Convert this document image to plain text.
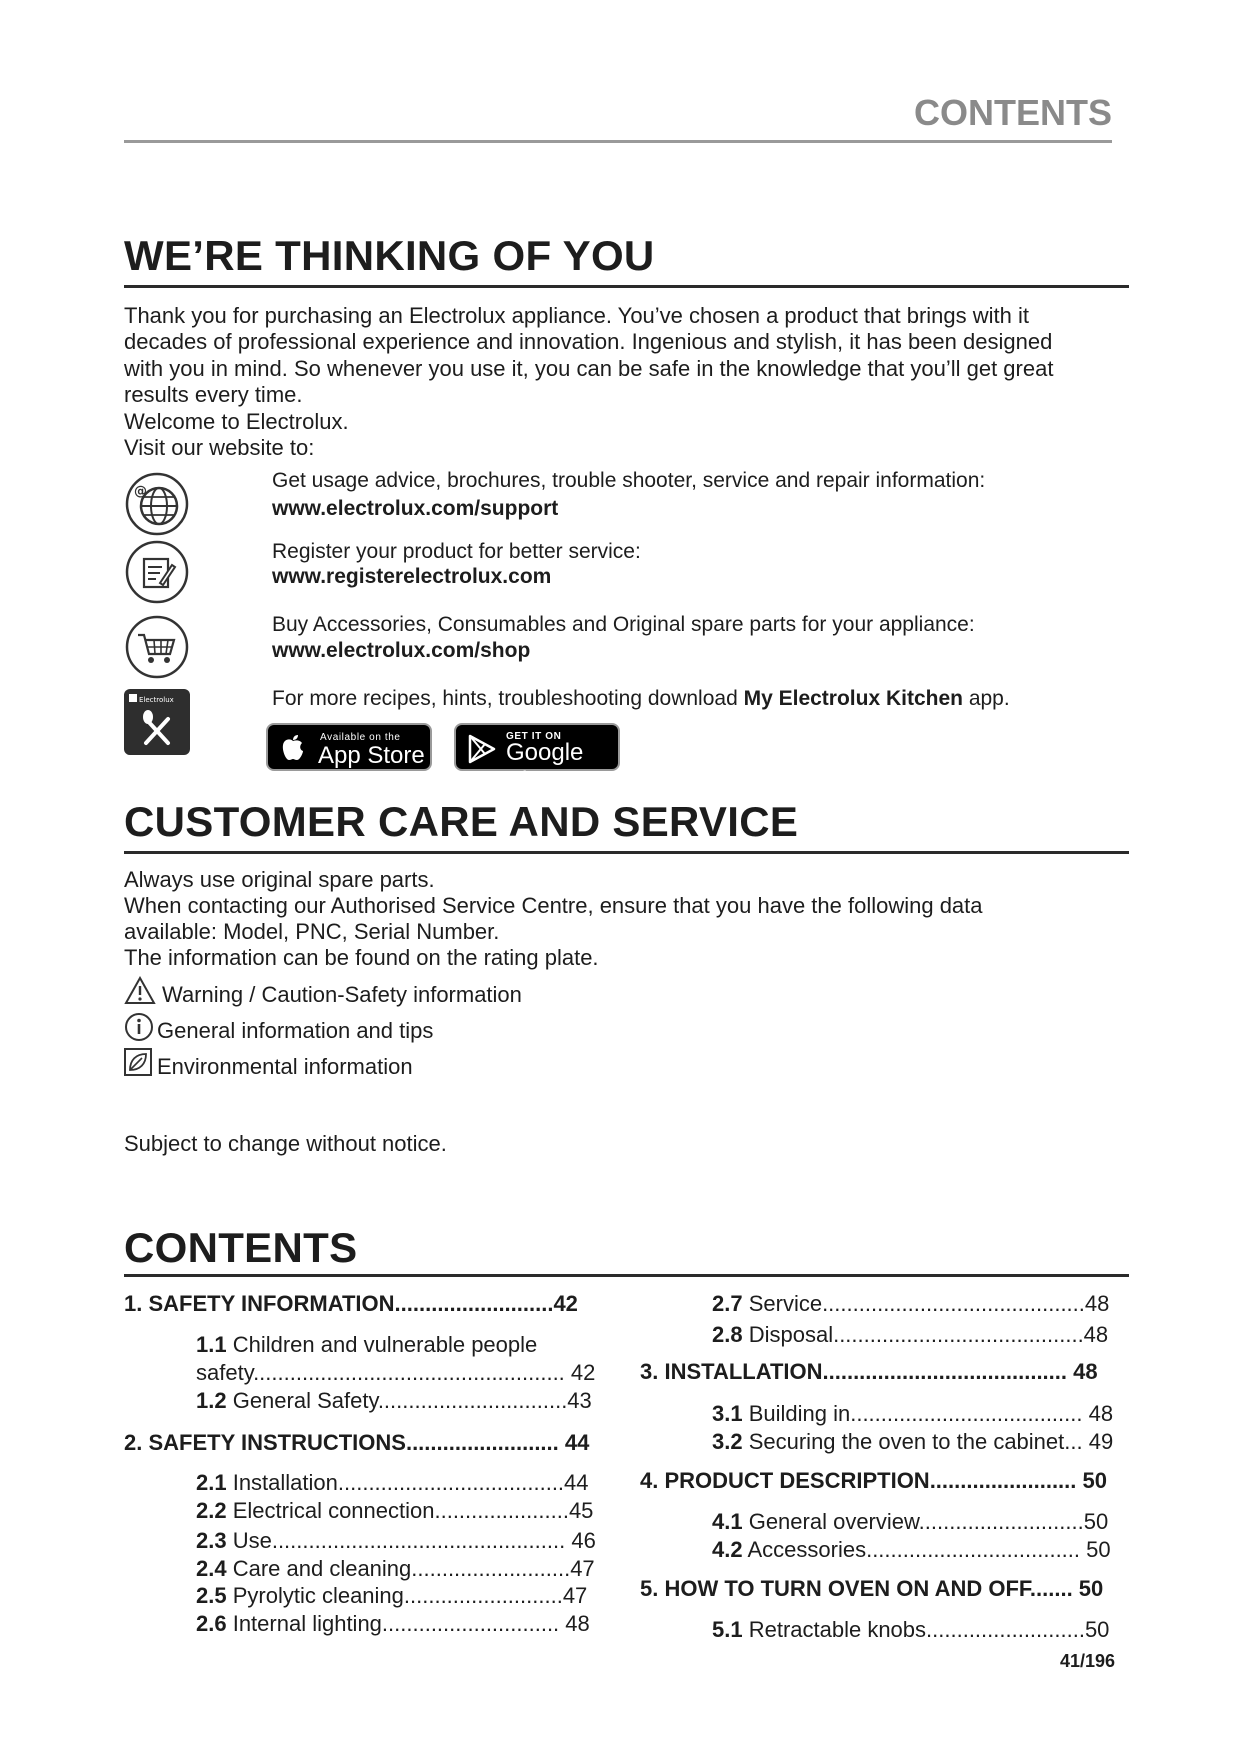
CONTENTS
WE’RE THINKING OF YOU
Thank you for purchasing an Electrolux appliance. You’ve chosen a product that brings with it
decades of professional experience and innovation. Ingenious and stylish, it has been designed
with you in mind. So whenever you use it, you can be safe in the knowledge that you’ll get great
results every time.
Welcome to Electrolux.
Visit our website to:
@	Get usage advice, brochures, trouble shooter, service and repair information:
www.electrolux.com/support
Register your product for better service:
www.registerelectrolux.com
Buy Accessories, Consumables and Original spare parts for your appliance:
www.electrolux.com/shop
Electrolux	For more recipes, hints, troubleshooting download My Electrolux Kitchen app.
Available on the
App Store
GET IT ON
Google Play
CUSTOMER CARE AND SERVICE
Always use original spare parts.
When contacting our Authorised Service Centre, ensure that you have the following data
available: Model, PNC, Serial Number.
The information can be found on the rating plate.
Warning / Caution-Safety information
General information and tips
Environmental information
Subject to change without notice.
CONTENTS
1. SAFETY INFORMATION..........................42
1.1 Children and vulnerable people
safety................................................... 42
1.2 General Safety...............................43
2. SAFETY INSTRUCTIONS......................... 44
2.1 Installation.....................................44
2.2 Electrical connection......................45
2.3 Use................................................ 46
2.4 Care and cleaning..........................47
2.5 Pyrolytic cleaning..........................47
2.6 Internal lighting............................. 48
2.7 Service...........................................48
2.8 Disposal.........................................48
3. INSTALLATION........................................ 48
3.1 Building in...................................... 48
3.2 Securing the oven to the cabinet... 49
4. PRODUCT DESCRIPTION........................ 50
4.1 General overview...........................50
4.2 Accessories................................... 50
5. HOW TO TURN OVEN ON AND OFF....... 50
5.1 Retractable knobs..........................50
41/196
